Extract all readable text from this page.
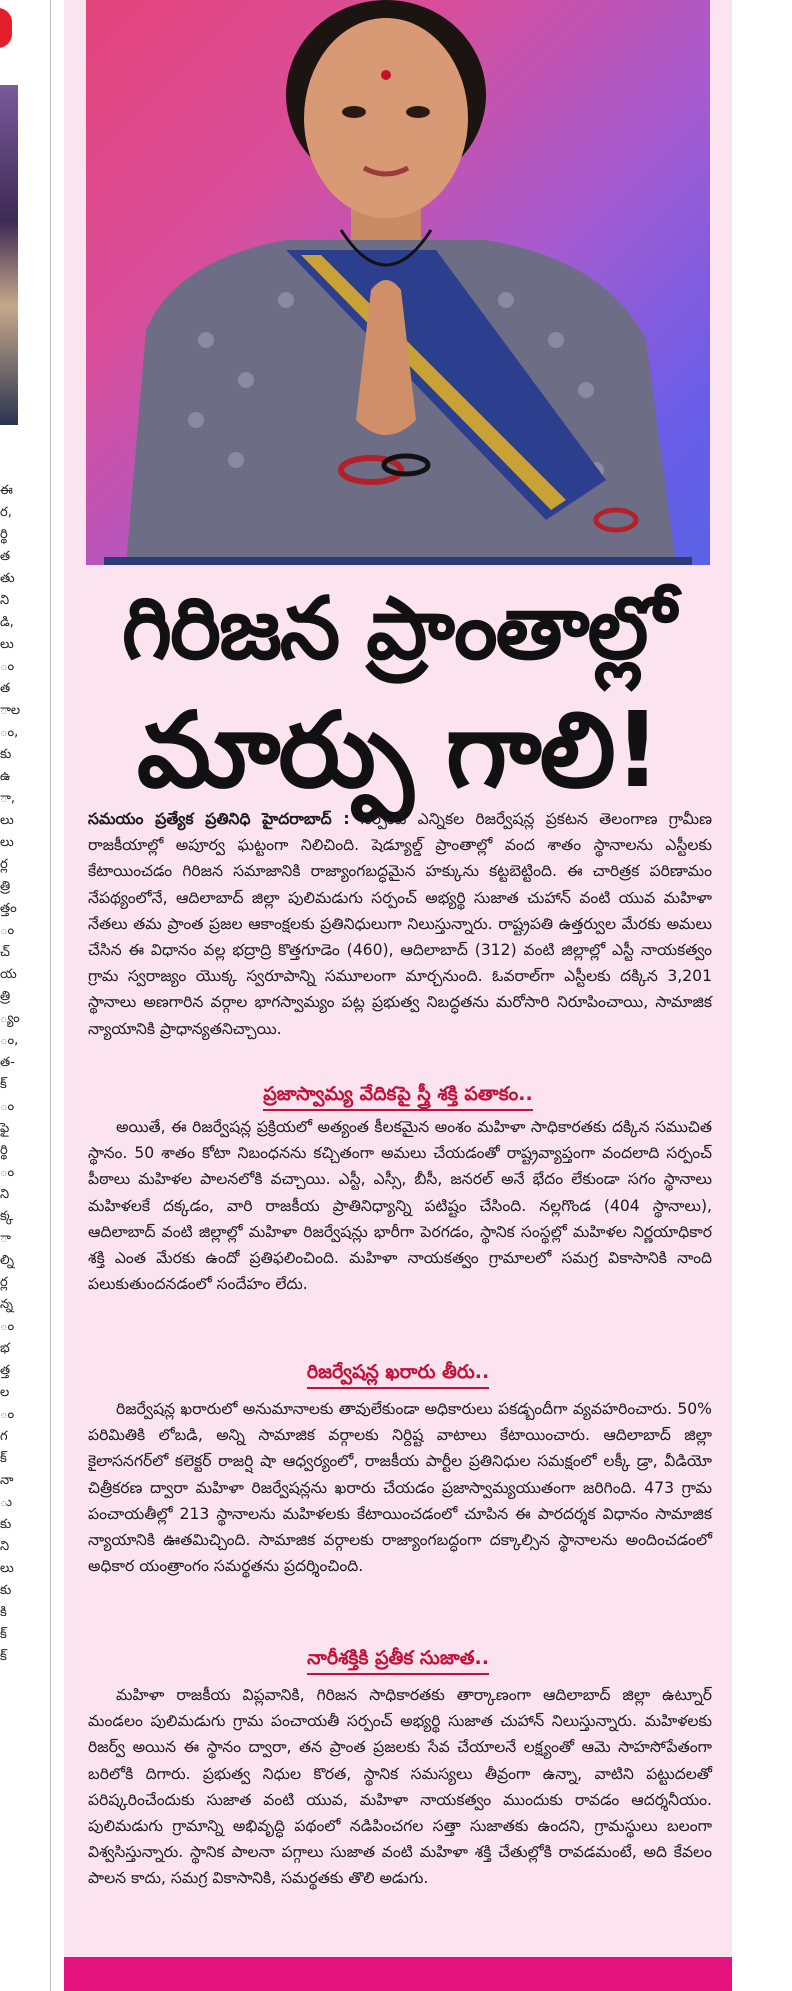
ఈ
ర,
ర్థి
త
తు
ని
డి,
లు
ం
త
ాల
ం,
కు
ఉ
ా,
లు
లు
ర్ల
త్రి
త్తం
ం
చ్
య
త్రి
్యం
ం,
త-
క్
ం
ఫై
ర్థి
ం
ని
క్క
ా
ల్ని
ర్ల
న్న
ం
భ
త్త
ల
ం
గ
క్
నా
ు
కు
ని
లు
కు
కి
క్
క్
గిరిజన ప్రాంతాల్లో
మార్పు గాలి!
సమయం ప్రత్యేక ప్రతినిధి హైదరాబాద్ : సర్పంచ్ ఎన్నికల రిజర్వేషన్ల ప్రకటన తెలంగాణ గ్రామీణ రాజకీయాల్లో అపూర్వ ఘట్టంగా నిలిచింది. షెడ్యూల్డ్ ప్రాంతాల్లో వంద శాతం స్థానాలను ఎస్టీలకు కేటాయించడం గిరిజన సమాజానికి రాజ్యాంగబద్ధమైన హక్కును కట్టబెట్టింది. ఈ చారిత్రక పరిణామం నేపథ్యంలోనే, ఆదిలాబాద్ జిల్లా పులిమడుగు సర్పంచ్ అభ్యర్థి సుజాత చుహాన్ వంటి యువ మహిళా నేతలు తమ ప్రాంత ప్రజల ఆకాంక్షలకు ప్రతినిధులుగా నిలుస్తున్నారు. రాష్ట్రపతి ఉత్తర్వుల మేరకు అమలు చేసిన ఈ విధానం వల్ల భద్రాద్రి కొత్తగూడెం (460), ఆదిలాబాద్ (312) వంటి జిల్లాల్లో ఎస్టీ నాయకత్వం గ్రామ స్వరాజ్యం యొక్క స్వరూపాన్ని సమూలంగా మార్చనుంది. ఓవరాల్‌గా ఎస్టీలకు దక్కిన 3,201 స్థానాలు అణగారిన వర్గాల భాగస్వామ్యం పట్ల ప్రభుత్వ నిబద్ధతను మరోసారి నిరూపించాయి, సామాజిక న్యాయానికి ప్రాధాన్యతనిచ్చాయి.
ప్రజాస్వామ్య వేదికపై స్త్రీ శక్తి పతాకం..
అయితే, ఈ రిజర్వేషన్ల ప్రక్రియలో అత్యంత కీలకమైన అంశం మహిళా సాధికారతకు దక్కిన సముచిత స్థానం. 50 శాతం కోటా నిబంధనను కచ్చితంగా అమలు చేయడంతో రాష్ట్రవ్యాప్తంగా వందలాది సర్పంచ్ పీఠాలు మహిళల పాలనలోకి వచ్చాయి. ఎస్టీ, ఎస్సీ, బీసీ, జనరల్ అనే భేదం లేకుండా సగం స్థానాలు మహిళలకే దక్కడం, వారి రాజకీయ ప్రాతినిధ్యాన్ని పటిష్టం చేసింది. నల్లగొండ (404 స్థానాలు), ఆదిలాబాద్ వంటి జిల్లాల్లో మహిళా రిజర్వేషన్లు భారీగా పెరగడం, స్థానిక సంస్థల్లో మహిళల నిర్ణయాధికార శక్తి ఎంత మేరకు ఉందో ప్రతిఫలించింది. మహిళా నాయకత్వం గ్రామాలలో సమగ్ర వికాసానికి నాంది పలుకుతుందనడంలో సందేహం లేదు.
రిజర్వేషన్ల ఖరారు తీరు..
రిజర్వేషన్ల ఖరారులో అనుమానాలకు తావులేకుండా అధికారులు పకడ్బందీగా వ్యవహరించారు. 50% పరిమితికి లోబడి, అన్ని సామాజిక వర్గాలకు నిర్దిష్ట వాటాలు కేటాయించారు. ఆదిలాబాద్ జిల్లా కైలాసనగర్‌లో కలెక్టర్ రాజర్షి షా ఆధ్వర్యంలో, రాజకీయ పార్టీల ప్రతినిధుల సమక్షంలో లక్కీ డ్రా, వీడియో చిత్రీకరణ ద్వారా మహిళా రిజర్వేషన్లను ఖరారు చేయడం ప్రజాస్వామ్యయుతంగా జరిగింది. 473 గ్రామ పంచాయతీల్లో 213 స్థానాలను మహిళలకు కేటాయించడంలో చూపిన ఈ పారదర్శక విధానం సామాజిక న్యాయానికి ఊతమిచ్చింది. సామాజిక వర్గాలకు రాజ్యాంగబద్ధంగా దక్కాల్సిన స్థానాలను అందించడంలో అధికార యంత్రాంగం సమర్థతను ప్రదర్శించింది.
నారీశక్తికి ప్రతీక సుజాత..
మహిళా రాజకీయ విప్లవానికి, గిరిజన సాధికారతకు తార్కాణంగా ఆదిలాబాద్ జిల్లా ఉట్నూర్ మండలం పులిమడుగు గ్రామ పంచాయతీ సర్పంచ్ అభ్యర్థి సుజాత చుహాన్ నిలుస్తున్నారు. మహిళలకు రిజర్వ్ అయిన ఈ స్థానం ద్వారా, తన ప్రాంత ప్రజలకు సేవ చేయాలనే లక్ష్యంతో ఆమె సాహసోపేతంగా బరిలోకి దిగారు. ప్రభుత్వ నిధుల కొరత, స్థానిక సమస్యలు తీవ్రంగా ఉన్నా, వాటిని పట్టుదలతో పరిష్కరించేందుకు సుజాత వంటి యువ, మహిళా నాయకత్వం ముందుకు రావడం ఆదర్శనీయం. పులిమడుగు గ్రామాన్ని అభివృద్ధి పథంలో నడిపించగల సత్తా సుజాతకు ఉందని, గ్రామస్థులు బలంగా విశ్వసిస్తున్నారు. స్థానిక పాలనా పగ్గాలు సుజాత వంటి మహిళా శక్తి చేతుల్లోకి రావడమంటే, అది కేవలం పాలన కాదు, సమగ్ర వికాసానికి, సమర్థతకు తొలి అడుగు.
